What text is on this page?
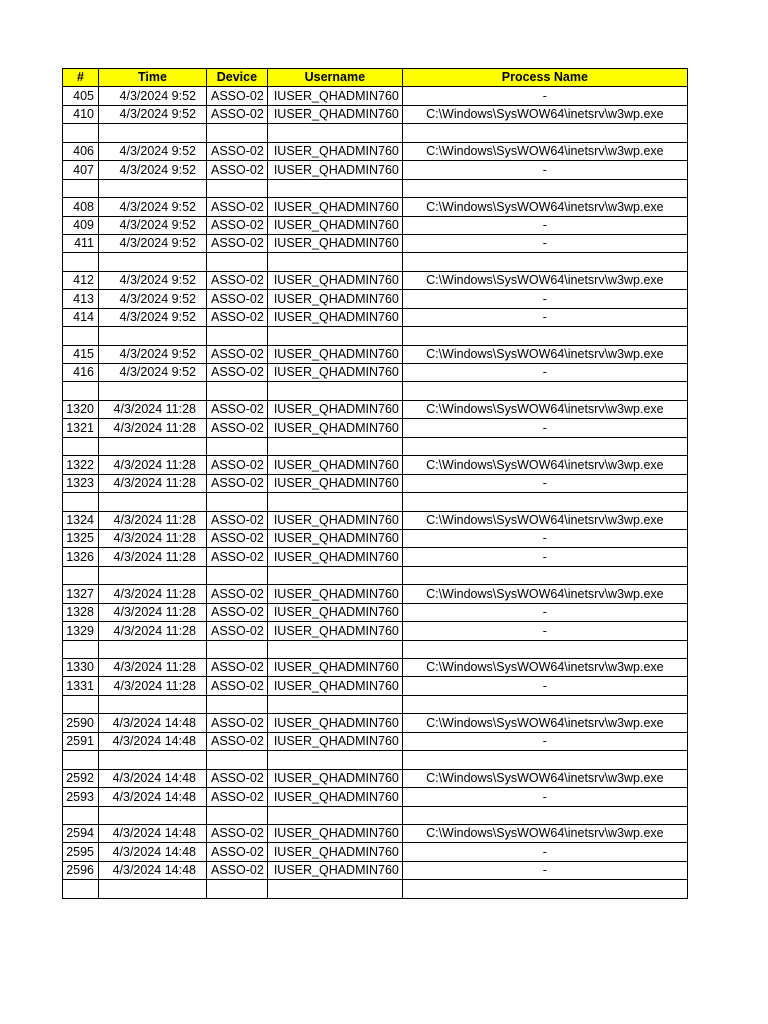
#	Time	Device	Username	Process Name
405	4/3/2024 9:52	ASSO-02	IUSER_QHADMIN760	-
410	4/3/2024 9:52	ASSO-02	IUSER_QHADMIN760	C:\Windows\SysWOW64\inetsrv\w3wp.exe

406	4/3/2024 9:52	ASSO-02	IUSER_QHADMIN760	C:\Windows\SysWOW64\inetsrv\w3wp.exe
407	4/3/2024 9:52	ASSO-02	IUSER_QHADMIN760	-

408	4/3/2024 9:52	ASSO-02	IUSER_QHADMIN760	C:\Windows\SysWOW64\inetsrv\w3wp.exe
409	4/3/2024 9:52	ASSO-02	IUSER_QHADMIN760	-
411	4/3/2024 9:52	ASSO-02	IUSER_QHADMIN760	-

412	4/3/2024 9:52	ASSO-02	IUSER_QHADMIN760	C:\Windows\SysWOW64\inetsrv\w3wp.exe
413	4/3/2024 9:52	ASSO-02	IUSER_QHADMIN760	-
414	4/3/2024 9:52	ASSO-02	IUSER_QHADMIN760	-

415	4/3/2024 9:52	ASSO-02	IUSER_QHADMIN760	C:\Windows\SysWOW64\inetsrv\w3wp.exe
416	4/3/2024 9:52	ASSO-02	IUSER_QHADMIN760	-

1320	4/3/2024 11:28	ASSO-02	IUSER_QHADMIN760	C:\Windows\SysWOW64\inetsrv\w3wp.exe
1321	4/3/2024 11:28	ASSO-02	IUSER_QHADMIN760	-

1322	4/3/2024 11:28	ASSO-02	IUSER_QHADMIN760	C:\Windows\SysWOW64\inetsrv\w3wp.exe
1323	4/3/2024 11:28	ASSO-02	IUSER_QHADMIN760	-

1324	4/3/2024 11:28	ASSO-02	IUSER_QHADMIN760	C:\Windows\SysWOW64\inetsrv\w3wp.exe
1325	4/3/2024 11:28	ASSO-02	IUSER_QHADMIN760	-
1326	4/3/2024 11:28	ASSO-02	IUSER_QHADMIN760	-

1327	4/3/2024 11:28	ASSO-02	IUSER_QHADMIN760	C:\Windows\SysWOW64\inetsrv\w3wp.exe
1328	4/3/2024 11:28	ASSO-02	IUSER_QHADMIN760	-
1329	4/3/2024 11:28	ASSO-02	IUSER_QHADMIN760	-

1330	4/3/2024 11:28	ASSO-02	IUSER_QHADMIN760	C:\Windows\SysWOW64\inetsrv\w3wp.exe
1331	4/3/2024 11:28	ASSO-02	IUSER_QHADMIN760	-

2590	4/3/2024 14:48	ASSO-02	IUSER_QHADMIN760	C:\Windows\SysWOW64\inetsrv\w3wp.exe
2591	4/3/2024 14:48	ASSO-02	IUSER_QHADMIN760	-

2592	4/3/2024 14:48	ASSO-02	IUSER_QHADMIN760	C:\Windows\SysWOW64\inetsrv\w3wp.exe
2593	4/3/2024 14:48	ASSO-02	IUSER_QHADMIN760	-

2594	4/3/2024 14:48	ASSO-02	IUSER_QHADMIN760	C:\Windows\SysWOW64\inetsrv\w3wp.exe
2595	4/3/2024 14:48	ASSO-02	IUSER_QHADMIN760	-
2596	4/3/2024 14:48	ASSO-02	IUSER_QHADMIN760	-
